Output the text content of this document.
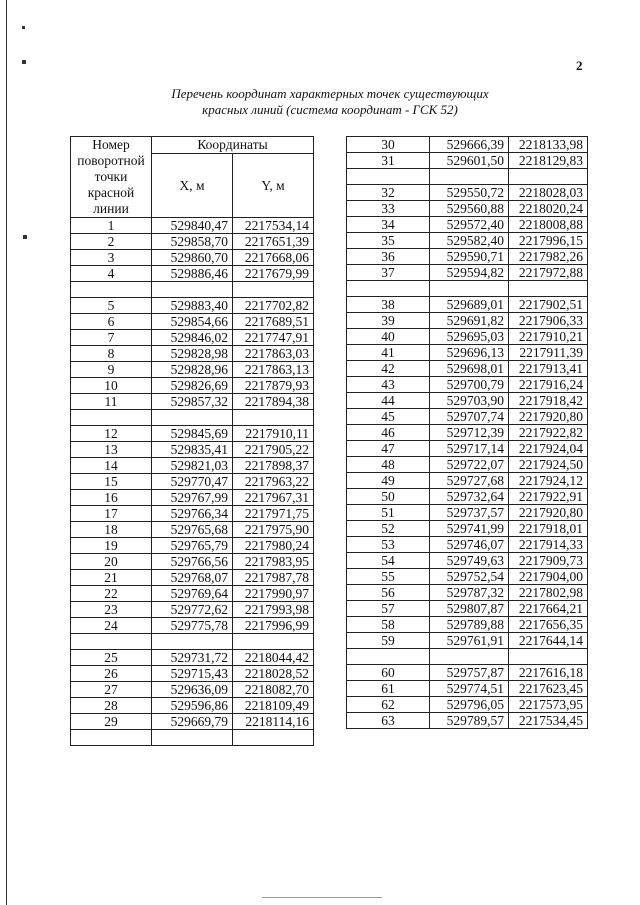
2
Перечень координат характерных точек существующих
красных линий (система координат - ГСК 52)
Номер
поворотной
точки
красной
линии	Координаты	
	X, м	Y, м
1	529840,47	2217534,14
2	529858,70	2217651,39
3	529860,70	2217668,06
4	529886,46	2217679,99

5	529883,40	2217702,82
6	529854,66	2217689,51
7	529846,02	2217747,91
8	529828,98	2217863,03
9	529828,96	2217863,13
10	529826,69	2217879,93
11	529857,32	2217894,38

12	529845,69	2217910,11
13	529835,41	2217905,22
14	529821,03	2217898,37
15	529770,47	2217963,22
16	529767,99	2217967,31
17	529766,34	2217971,75
18	529765,68	2217975,90
19	529765,79	2217980,24
20	529766,56	2217983,95
21	529768,07	2217987,78
22	529769,64	2217990,97
23	529772,62	2217993,98
24	529775,78	2217996,99

25	529731,72	2218044,42
26	529715,43	2218028,52
27	529636,09	2218082,70
28	529596,86	2218109,49
29	529669,79	2218114,16

30	529666,39	2218133,98
31	529601,50	2218129,83

32	529550,72	2218028,03
33	529560,88	2218020,24
34	529572,40	2218008,88
35	529582,40	2217996,15
36	529590,71	2217982,26
37	529594,82	2217972,88

38	529689,01	2217902,51
39	529691,82	2217906,33
40	529695,03	2217910,21
41	529696,13	2217911,39
42	529698,01	2217913,41
43	529700,79	2217916,24
44	529703,90	2217918,42
45	529707,74	2217920,80
46	529712,39	2217922,82
47	529717,14	2217924,04
48	529722,07	2217924,50
49	529727,68	2217924,12
50	529732,64	2217922,91
51	529737,57	2217920,80
52	529741,99	2217918,01
53	529746,07	2217914,33
54	529749,63	2217909,73
55	529752,54	2217904,00
56	529787,32	2217802,98
57	529807,87	2217664,21
58	529789,88	2217656,35
59	529761,91	2217644,14

60	529757,87	2217616,18
61	529774,51	2217623,45
62	529796,05	2217573,95
63	529789,57	2217534,45
